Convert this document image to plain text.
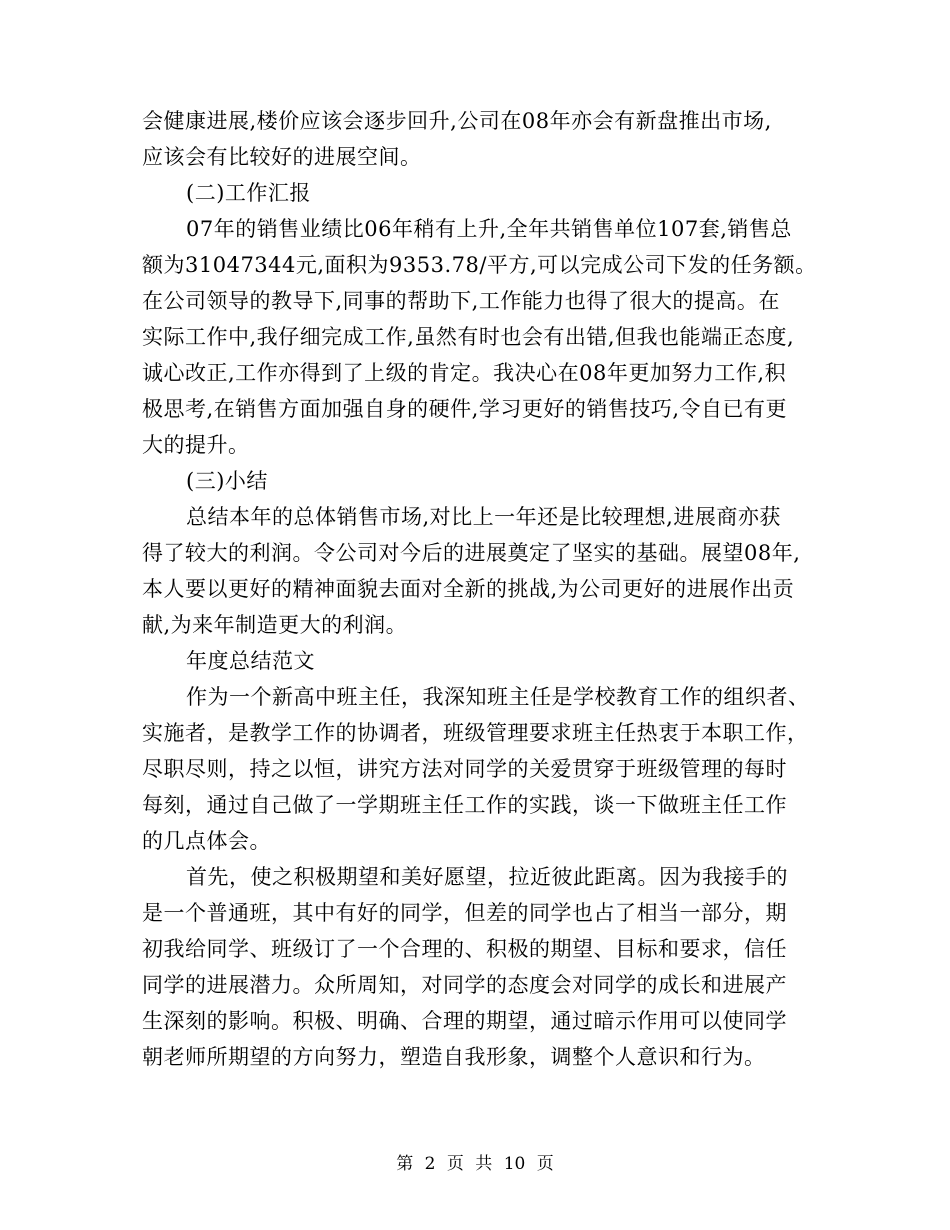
会健康进展,楼价应该会逐步回升,公司在08年亦会有新盘推出市场,
应该会有比较好的进展空间。
(二)工作汇报
07年的销售业绩比06年稍有上升,全年共销售单位107套,销售总
额为31047344元,面积为9353.78/平方,可以完成公司下发的任务额。
在公司领导的教导下,同事的帮助下,工作能力也得了很大的提高。在
实际工作中,我仔细完成工作,虽然有时也会有出错,但我也能端正态度,
诚心改正,工作亦得到了上级的肯定。我决心在08年更加努力工作,积
极思考,在销售方面加强自身的硬件,学习更好的销售技巧,令自已有更
大的提升。
(三)小结
总结本年的总体销售市场,对比上一年还是比较理想,进展商亦获
得了较大的利润。令公司对今后的进展奠定了坚实的基础。展望08年,
本人要以更好的精神面貌去面对全新的挑战,为公司更好的进展作出贡
献,为来年制造更大的利润。
年度总结范文
作为一个新高中班主任，我深知班主任是学校教育工作的组织者、
实施者，是教学工作的协调者，班级管理要求班主任热衷于本职工作，
尽职尽则，持之以恒，讲究方法对同学的关爱贯穿于班级管理的每时
每刻，通过自己做了一学期班主任工作的实践，谈一下做班主任工作
的几点体会。
首先，使之积极期望和美好愿望，拉近彼此距离。因为我接手的
是一个普通班，其中有好的同学，但差的同学也占了相当一部分，期
初我给同学、班级订了一个合理的、积极的期望、目标和要求，信任
同学的进展潜力。众所周知，对同学的态度会对同学的成长和进展产
生深刻的影响。积极、明确、合理的期望，通过暗示作用可以使同学
朝老师所期望的方向努力，塑造自我形象，调整个人意识和行为。
第 2 页 共 10 页
